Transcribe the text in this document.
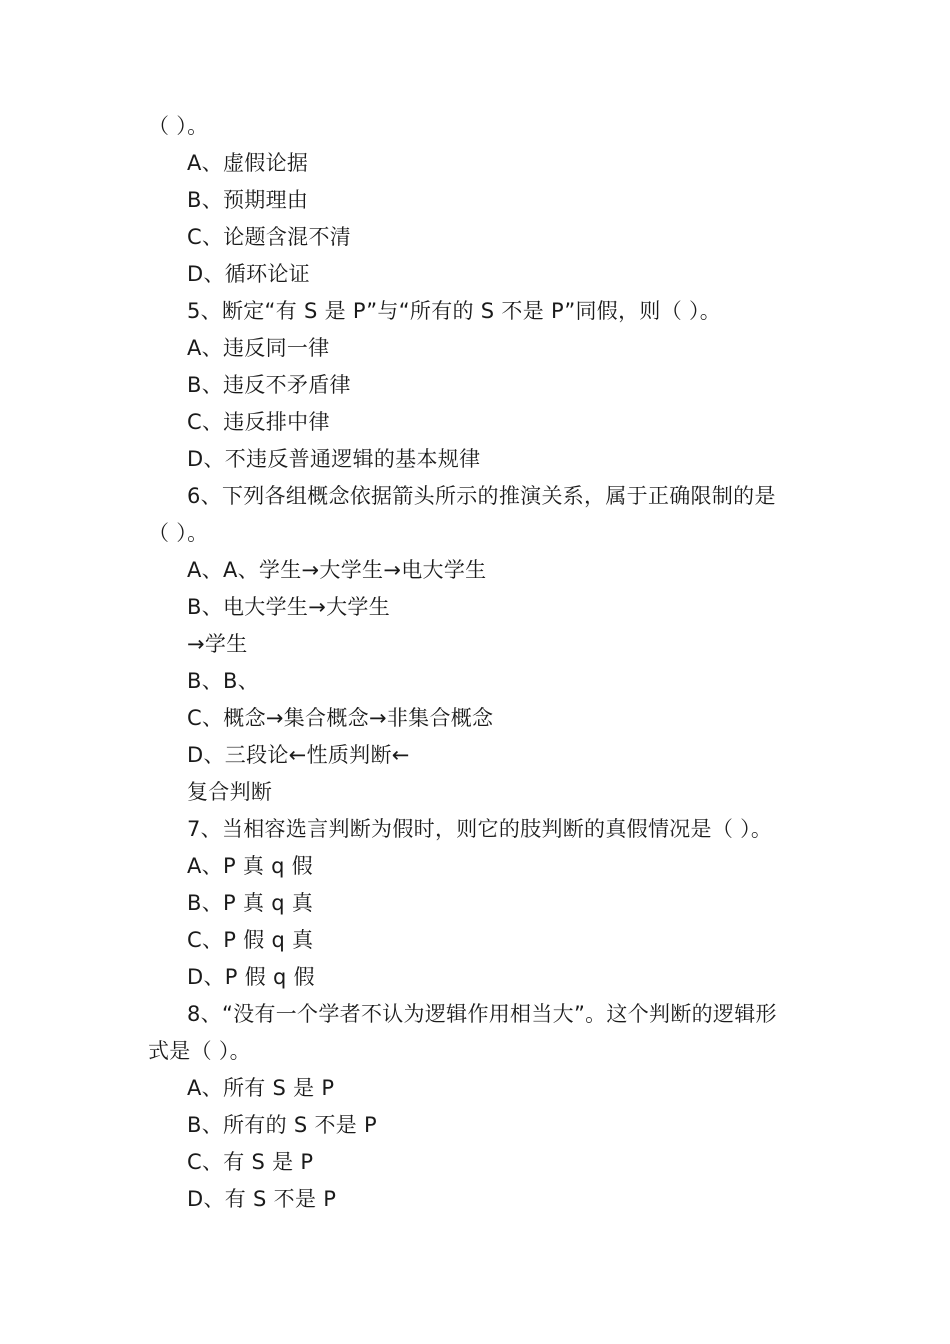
（ ）。
A、虚假论据
B、预期理由
C、论题含混不清
D、循环论证
5、断定“有 S 是 P”与“所有的 S 不是 P”同假，则（ ）。
A、违反同一律
B、违反不矛盾律
C、违反排中律
D、不违反普通逻辑的基本规律
6、下列各组概念依据箭头所示的推演关系，属于正确限制的是
（ ）。
A、A、学生→大学生→电大学生
B、电大学生→大学生
→学生
B、B、
C、概念→集合概念→非集合概念
D、三段论←性质判断←
复合判断
7、当相容选言判断为假时，则它的肢判断的真假情况是（ ）。
A、P 真 q 假
B、P 真 q 真
C、P 假 q 真
D、P 假 q 假
8、“没有一个学者不认为逻辑作用相当大”。这个判断的逻辑形
式是（ ）。
A、所有 S 是 P
B、所有的 S 不是 P
C、有 S 是 P
D、有 S 不是 P
